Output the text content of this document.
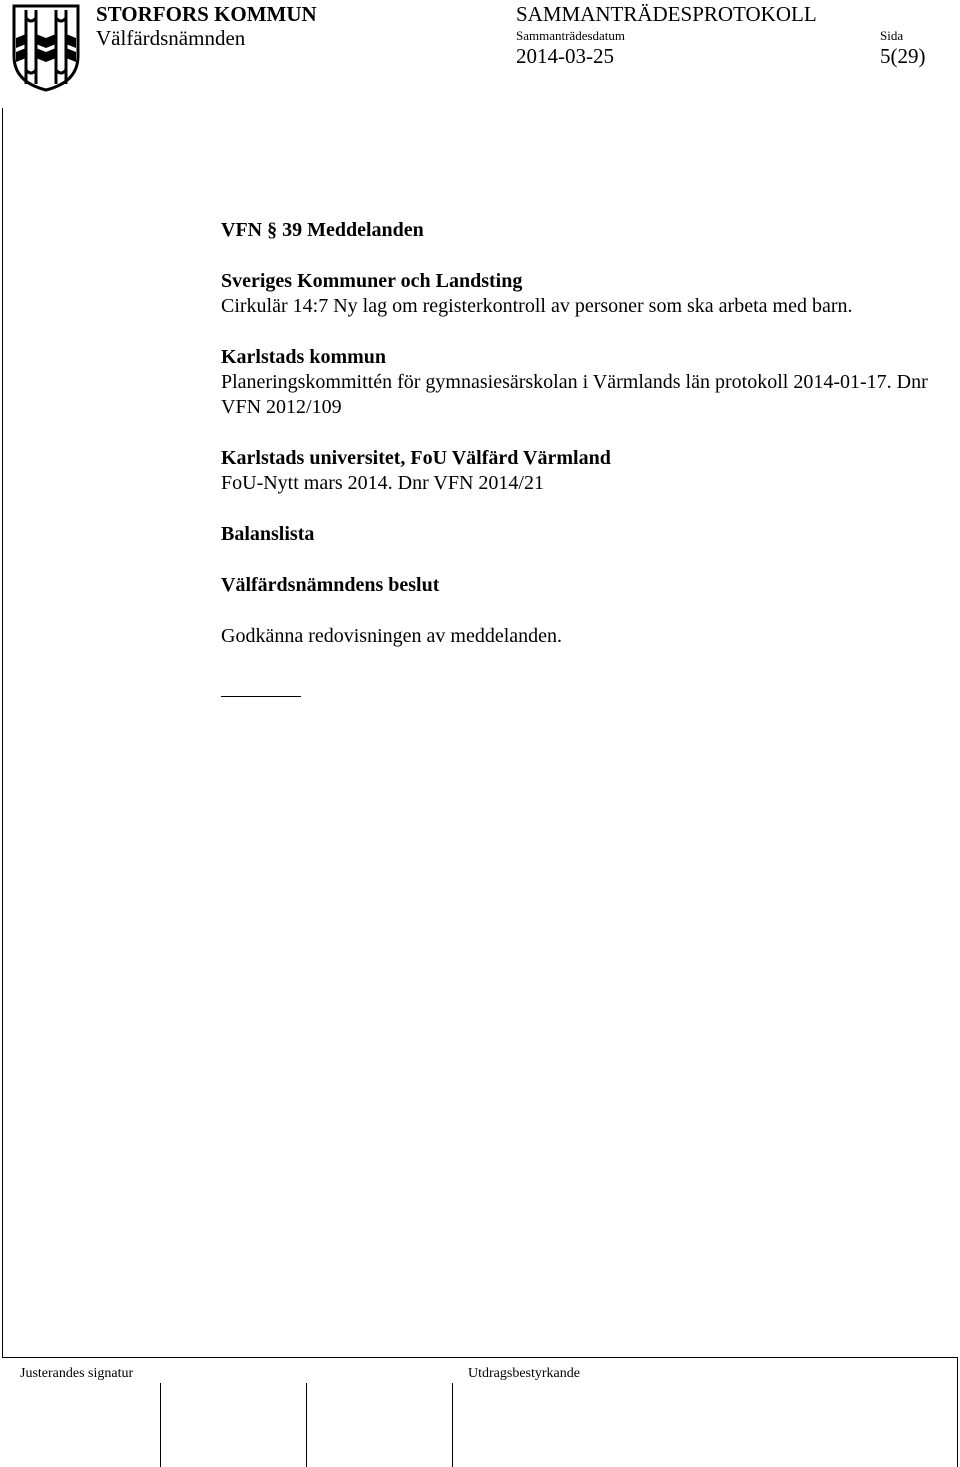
STORFORS KOMMUN
Välfärdsnämnden
SAMMANTRÄDESPROTOKOLL
Sammanträdesdatum	Sida
2014-03-25	5(29)

VFN § 39 Meddelanden

Sveriges Kommuner och Landsting

Cirkulär 14:7 Ny lag om registerkontroll av personer som ska arbeta med barn.

Karlstads kommun

Planeringskommittén för gymnasiesärskolan i Värmlands län protokoll 2014-01-17. Dnr VFN 2012/109

Karlstads universitet, FoU Välfärd Värmland

FoU-Nytt mars 2014. Dnr VFN 2014/21

Balanslista

Välfärdsnämndens beslut

Godkänna redovisningen av meddelanden.

Justerandes signatur	Utdragsbestyrkande
